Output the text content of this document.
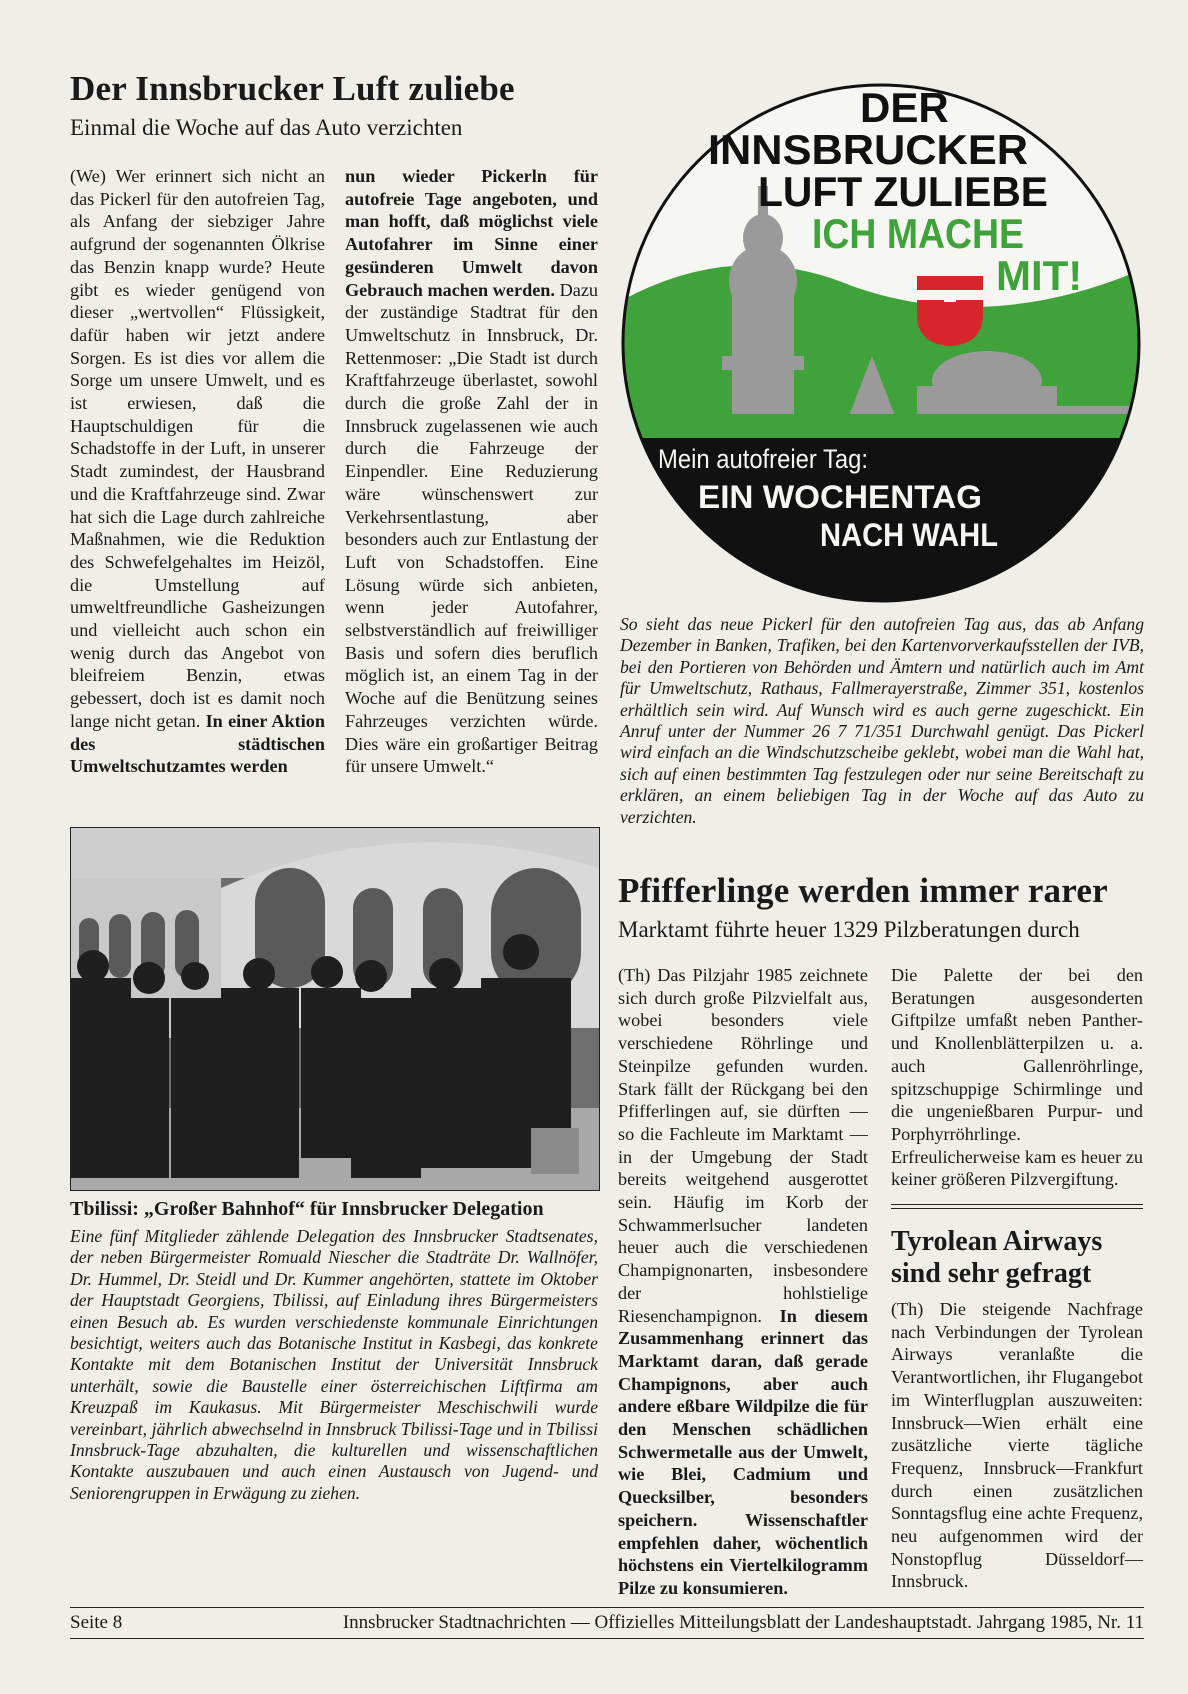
Der Innsbrucker Luft zuliebe
Einmal die Woche auf das Auto verzichten

(We) Wer erinnert sich nicht an das Pickerl für den autofreien Tag, als Anfang der siebziger Jahre aufgrund der sogenannten Ölkrise das Benzin knapp wurde? Heute gibt es wieder genügend von dieser „wertvollen“ Flüssigkeit, dafür haben wir jetzt andere Sorgen. Es ist dies vor allem die Sorge um unsere Umwelt, und es ist erwiesen, daß die Hauptschuldigen für die Schadstoffe in der Luft, in unserer Stadt zumindest, der Hausbrand und die Kraftfahrzeuge sind. Zwar hat sich die Lage durch zahlreiche Maßnahmen, wie die Reduktion des Schwefelgehaltes im Heizöl, die Umstellung auf umweltfreundliche Gasheizungen und vielleicht auch schon ein wenig durch das Angebot von bleifreiem Benzin, etwas gebessert, doch ist es damit noch lange nicht getan. In einer Aktion des städtischen Umweltschutzamtes werden

nun wieder Pickerln für autofreie Tage angeboten, und man hofft, daß möglichst viele Autofahrer im Sinne einer gesünderen Umwelt davon Gebrauch machen werden. Dazu der zuständige Stadtrat für den Umweltschutz in Innsbruck, Dr. Rettenmoser: „Die Stadt ist durch Kraftfahrzeuge überlastet, sowohl durch die große Zahl der in Innsbruck zugelassenen wie auch durch die Fahrzeuge der Einpendler. Eine Reduzierung wäre wünschenswert zur Verkehrsentlastung, aber besonders auch zur Entlastung der Luft von Schadstoffen. Eine Lösung würde sich anbieten, wenn jeder Autofahrer, selbstverständlich auf freiwilliger Basis und sofern dies beruflich möglich ist, an einem Tag in der Woche auf die Benützung seines Fahrzeuges verzichten würde. Dies wäre ein großartiger Beitrag für unsere Umwelt.“

DER
INNSBRUCKER
LUFT ZULIEBE
ICH MACHE
MIT!
Mein autofreier Tag:
EIN WOCHENTAG
NACH WAHL

So sieht das neue Pickerl für den autofreien Tag aus, das ab Anfang Dezember in Banken, Trafiken, bei den Kartenvorverkaufsstellen der IVB, bei den Portieren von Behörden und Ämtern und natürlich auch im Amt für Umweltschutz, Rathaus, Fallmerayerstraße, Zimmer 351, kostenlos erhältlich sein wird. Auf Wunsch wird es auch gerne zugeschickt. Ein Anruf unter der Nummer 26 7 71/351 Durchwahl genügt. Das Pickerl wird einfach an die Windschutzscheibe geklebt, wobei man die Wahl hat, sich auf einen bestimmten Tag festzulegen oder nur seine Bereitschaft zu erklären, an einem beliebigen Tag in der Woche auf das Auto zu verzichten.

Tbilissi: „Großer Bahnhof“ für Innsbrucker Delegation

Eine fünf Mitglieder zählende Delegation des Innsbrucker Stadtsenates, der neben Bürgermeister Romuald Niescher die Stadträte Dr. Wallnöfer, Dr. Hummel, Dr. Steidl und Dr. Kummer angehörten, stattete im Oktober der Hauptstadt Georgiens, Tbilissi, auf Einladung ihres Bürgermeisters einen Besuch ab. Es wurden verschiedenste kommunale Einrichtungen besichtigt, weiters auch das Botanische Institut in Kasbegi, das konkrete Kontakte mit dem Botanischen Institut der Universität Innsbruck unterhält, sowie die Baustelle einer österreichischen Liftfirma am Kreuzpaß im Kaukasus. Mit Bürgermeister Meschischwili wurde vereinbart, jährlich abwechselnd in Innsbruck Tbilissi-Tage und in Tbilissi Innsbruck-Tage abzuhalten, die kulturellen und wissenschaftlichen Kontakte auszubauen und auch einen Austausch von Jugend- und Seniorengruppen in Erwägung zu ziehen.

Pfifferlinge werden immer rarer
Marktamt führte heuer 1329 Pilzberatungen durch

(Th) Das Pilzjahr 1985 zeichnete sich durch große Pilzvielfalt aus, wobei besonders viele verschiedene Röhrlinge und Steinpilze gefunden wurden. Stark fällt der Rückgang bei den Pfifferlingen auf, sie dürften — so die Fachleute im Marktamt — in der Umgebung der Stadt bereits weitgehend ausgerottet sein. Häufig im Korb der Schwammerlsucher landeten heuer auch die verschiedenen Champignonarten, insbesondere der hohlstielige Riesenchampignon. In diesem Zusammenhang erinnert das Marktamt daran, daß gerade Champignons, aber auch andere eßbare Wildpilze die für den Menschen schädlichen Schwermetalle aus der Umwelt, wie Blei, Cadmium und Quecksilber, besonders speichern. Wissenschaftler empfehlen daher, wöchentlich höchstens ein Viertelkilogramm Pilze zu konsumieren.

Die Palette der bei den Beratungen ausgesonderten Giftpilze umfaßt neben Panther- und Knollenblätterpilzen u. a. auch Gallenröhrlinge, spitzschuppige Schirmlinge und die ungenießbaren Purpur- und Porphyrröhrlinge. Erfreulicherweise kam es heuer zu keiner größeren Pilzvergiftung.

Tyrolean Airways
sind sehr gefragt

(Th) Die steigende Nachfrage nach Verbindungen der Tyrolean Airways veranlaßte die Verantwortlichen, ihr Flugangebot im Winterflugplan auszuweiten: Innsbruck—Wien erhält eine zusätzliche vierte tägliche Frequenz, Innsbruck—Frankfurt durch einen zusätzlichen Sonntagsflug eine achte Frequenz, neu aufgenommen wird der Nonstopflug Düsseldorf—Innsbruck.

Seite 8	Innsbrucker Stadtnachrichten — Offizielles Mitteilungsblatt der Landeshauptstadt. Jahrgang 1985, Nr. 11
